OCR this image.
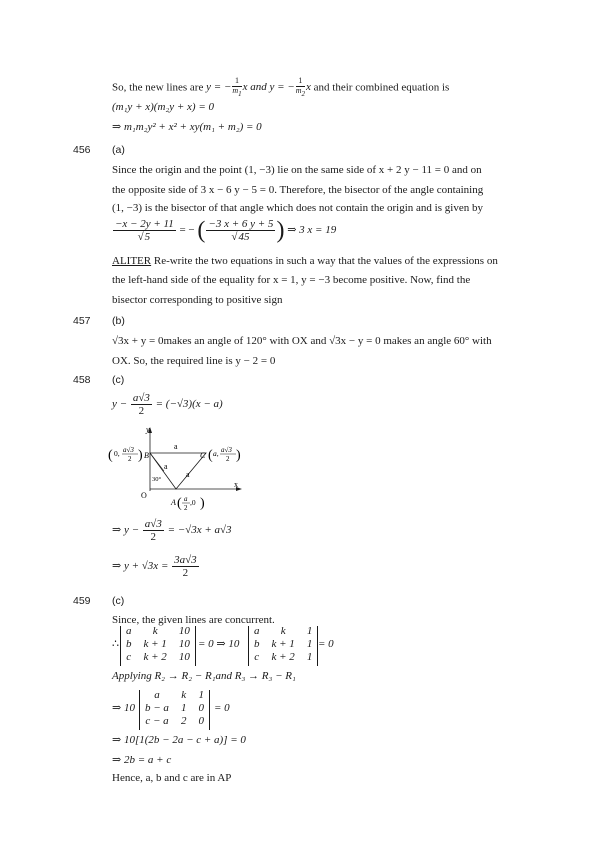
So, the new lines are y = − $\frac{1}{m_1}$ x and y = − $\frac{1}{m_2}$ x and their combined equation is
(m₁y + x)(m₂y + x) = 0
⇒ m₁m₂y² + x² + xy(m₁ + m₂) = 0
456 (a)
Since the origin and the point (1, −3) lie on the same side of x + 2 y − 11 = 0 and on
the opposite side of 3 x − 6 y − 5 = 0. Therefore, the bisector of the angle containing
(1, −3) is the bisector of that angle which does not contain the origin and is given by
$\frac{-x - 2y + 11}{√5}$ = − ( $\frac{-3 x + 6 y + 5}{√45}$ ) ⇒ 3 x = 19
ALITER Re-write the two equations in such a way that the values of the expressions on
the left-hand side of the equality for x = 1, y = −3 become positive. Now, find the
bisector corresponding to positive sign
457 (b)
√3x + y = 0makes an angle of 120° with OX and √3x − y = 0 makes an angle 60° with
OX. So, the required line is y − 2 = 0
458 (c)
$y - \frac{a√3}{2} = (-√3)(x - a)$
y
x
O
B	C
A
a
a
a
30°
( 0, a√3
2 )	( a, a√3
2 )
( a
2
,0 )
⇒ $y - \frac{a√3}{2} = -√3x + a√3$
⇒ $y + √3x = \frac{3a√3}{2}$
459 (c)
Since, the given lines are concurrent.
∴
a	k	10
b	k + 1	10
c	k + 2	10
= 0 ⇒ 10
a	k	1
b	k + 1	1
c	k + 2	1
= 0
Applying R₂ → R₂ − R₁and R₃ → R₃ − R₁
⇒ 10
a	k	1
b − a	1	0
c − a	2	0
= 0
⇒ 10[1(2b − 2a − c + a)] = 0
⇒ 2b = a + c
Hence, a, b and c are in AP
